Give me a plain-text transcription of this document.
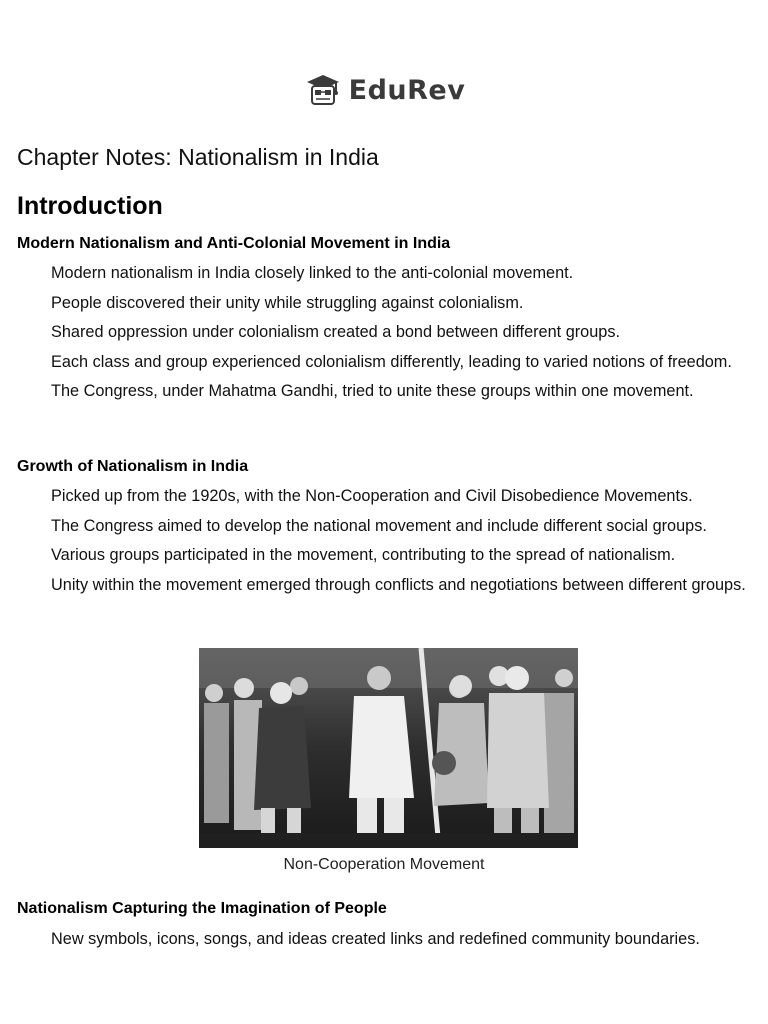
EduRev
Chapter Notes: Nationalism in India
Introduction
Modern Nationalism and Anti-Colonial Movement in India
Modern nationalism in India closely linked to the anti-colonial movement.
People discovered their unity while struggling against colonialism.
Shared oppression under colonialism created a bond between different groups.
Each class and group experienced colonialism differently, leading to varied notions of freedom.
The Congress, under Mahatma Gandhi, tried to unite these groups within one movement.
Growth of Nationalism in India
Picked up from the 1920s, with the Non-Cooperation and Civil Disobedience Movements.
The Congress aimed to develop the national movement and include different social groups.
Various groups participated in the movement, contributing to the spread of nationalism.
Unity within the movement emerged through conflicts and negotiations between different groups.
Non-Cooperation Movement
Nationalism Capturing the Imagination of People
New symbols, icons, songs, and ideas created links and redefined community boundaries.
